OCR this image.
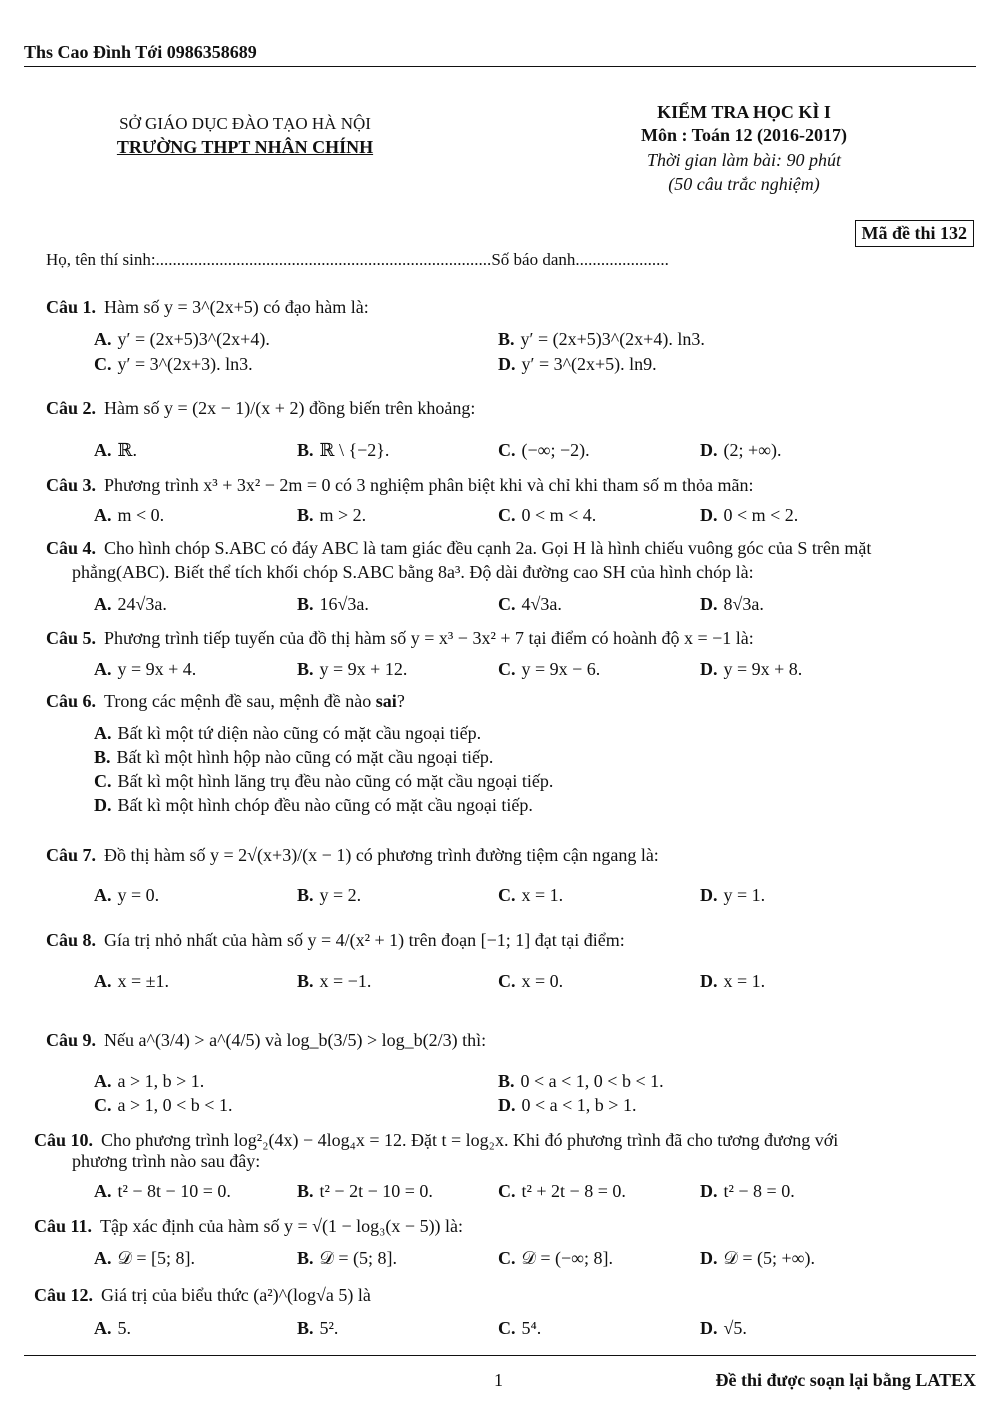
Ths Cao Đình Tới 0986358689
SỞ GIÁO DỤC ĐÀO TẠO HÀ NỘI
TRƯỜNG THPT NHÂN CHÍNH
KIỂM TRA HỌC KÌ I
Môn : Toán 12 (2016-2017)
Thời gian làm bài: 90 phút
(50 câu trắc nghiệm)
Mã đề thi 132
Họ, tên thí sinh:...............................................................................Số báo danh......................
Câu 1. Hàm số y = 3^(2x+5) có đạo hàm là:
A. y′ = (2x+5)3^(2x+4).	B. y′ = (2x+5)3^(2x+4). ln3.
C. y′ = 3^(2x+3). ln3.	D. y′ = 3^(2x+5). ln9.
Câu 2. Hàm số y = (2x − 1)/(x + 2) đồng biến trên khoảng:
A. ℝ.	B. ℝ \ {−2}.	C. (−∞; −2).	D. (2; +∞).
Câu 3. Phương trình x³ + 3x² − 2m = 0 có 3 nghiệm phân biệt khi và chỉ khi tham số m thỏa mãn:
A. m < 0.	B. m > 2.	C. 0 < m < 4.	D. 0 < m < 2.
Câu 4. Cho hình chóp S.ABC có đáy ABC là tam giác đều cạnh 2a. Gọi H là hình chiếu vuông góc của S trên mặt
phẳng(ABC). Biết thể tích khối chóp S.ABC bằng 8a³. Độ dài đường cao SH của hình chóp là:
A. 24√3a.	B. 16√3a.	C. 4√3a.	D. 8√3a.
Câu 5. Phương trình tiếp tuyến của đồ thị hàm số y = x³ − 3x² + 7 tại điểm có hoành độ x = −1 là:
A. y = 9x + 4.	B. y = 9x + 12.	C. y = 9x − 6.	D. y = 9x + 8.
Câu 6. Trong các mệnh đề sau, mệnh đề nào sai?
A. Bất kì một tứ diện nào cũng có mặt cầu ngoại tiếp.
B. Bất kì một hình hộp nào cũng có mặt cầu ngoại tiếp.
C. Bất kì một hình lăng trụ đều nào cũng có mặt cầu ngoại tiếp.
D. Bất kì một hình chóp đều nào cũng có mặt cầu ngoại tiếp.
Câu 7. Đồ thị hàm số y = 2√(x+3)/(x − 1) có phương trình đường tiệm cận ngang là:
A. y = 0.	B. y = 2.	C. x = 1.	D. y = 1.
Câu 8. Gía trị nhỏ nhất của hàm số y = 4/(x² + 1) trên đoạn [−1; 1] đạt tại điểm:
A. x = ±1.	B. x = −1.	C. x = 0.	D. x = 1.
Câu 9. Nếu a^(3/4) > a^(4/5) và log_b(3/5) > log_b(2/3) thì:
A. a > 1, b > 1.	B. 0 < a < 1, 0 < b < 1.
C. a > 1, 0 < b < 1.	D. 0 < a < 1, b > 1.
Câu 10. Cho phương trình log²₂(4x) − 4log₄x = 12. Đặt t = log₂x. Khi đó phương trình đã cho tương đương với
phương trình nào sau đây:
A. t² − 8t − 10 = 0.	B. t² − 2t − 10 = 0.	C. t² + 2t − 8 = 0.	D. t² − 8 = 0.
Câu 11. Tập xác định của hàm số y = √(1 − log₃(x − 5)) là:
A. 𝒟 = [5; 8].	B. 𝒟 = (5; 8].	C. 𝒟 = (−∞; 8].	D. 𝒟 = (5; +∞).
Câu 12. Giá trị của biểu thức (a²)^(log√a 5) là
A. 5.	B. 5².	C. 5⁴.	D. √5.
1	Đề thi được soạn lại bằng LATEX
